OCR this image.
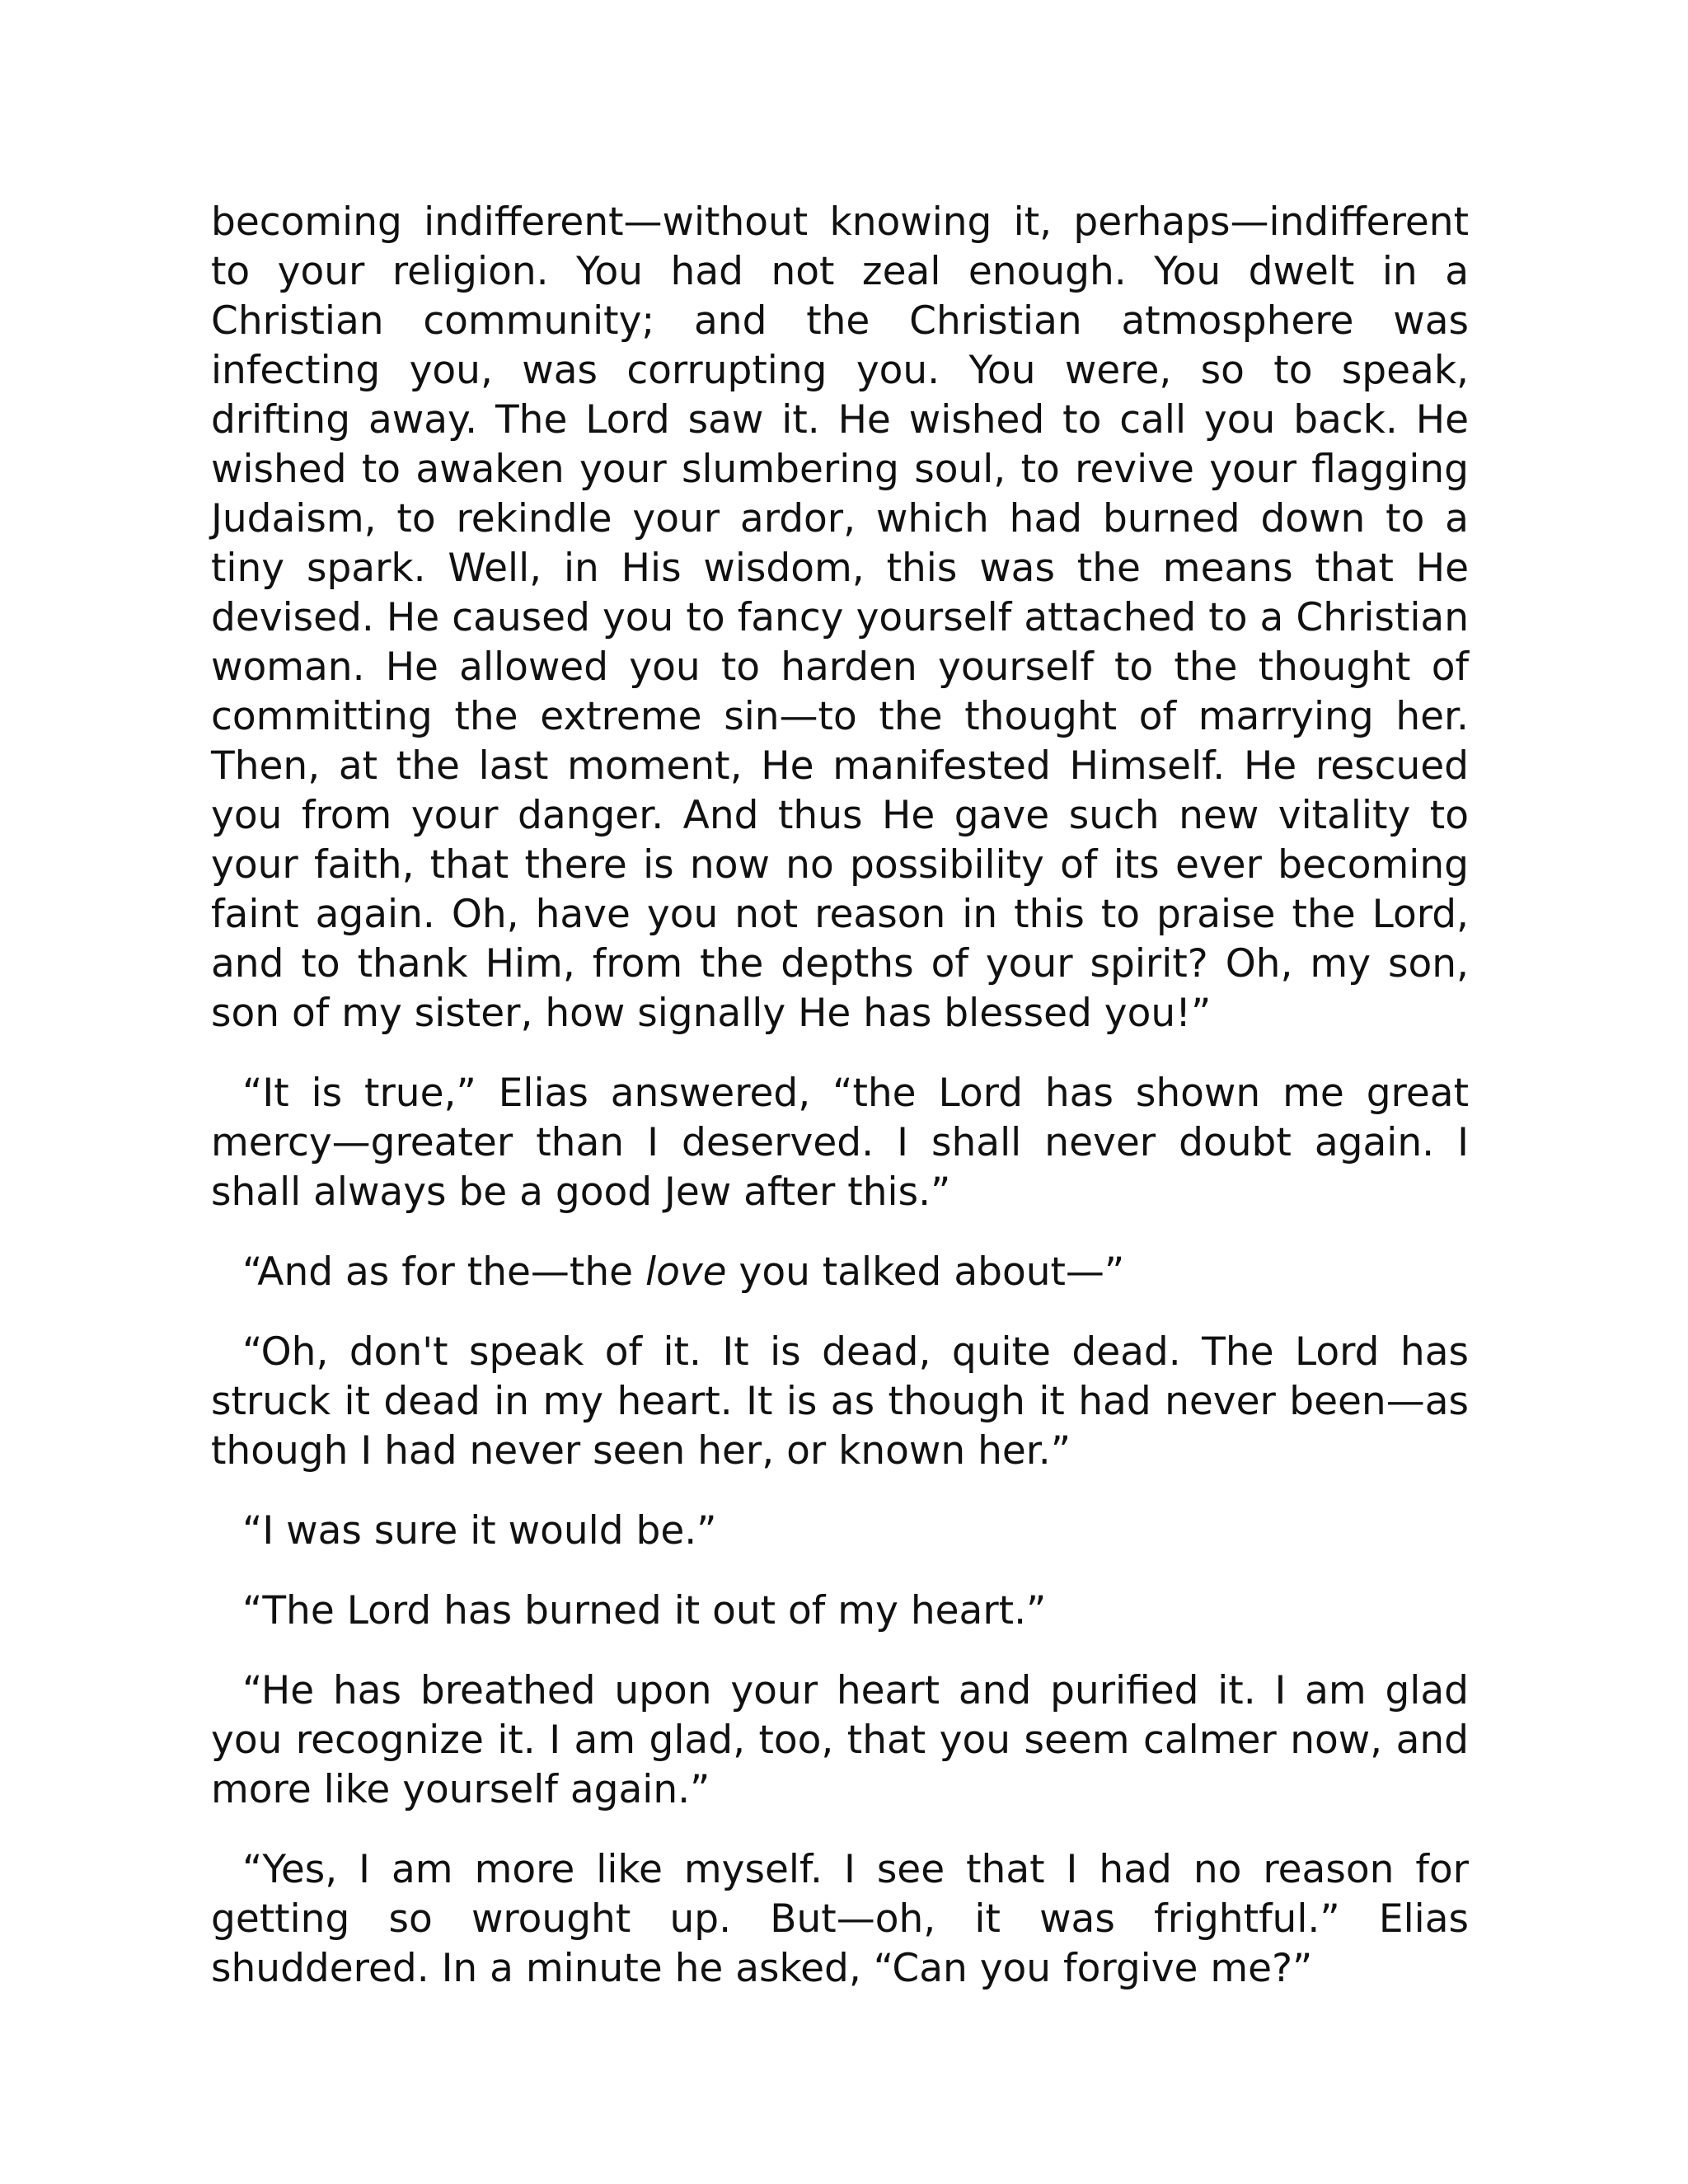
becoming indifferent—without knowing it, perhaps—indifferent to your religion. You had not zeal enough. You dwelt in a Christian community; and the Christian atmosphere was infecting you, was corrupting you. You were, so to speak, drifting away. The Lord saw it. He wished to call you back. He wished to awaken your slumbering soul, to revive your flagging Judaism, to rekindle your ardor, which had burned down to a tiny spark. Well, in His wisdom, this was the means that He devised. He caused you to fancy yourself attached to a Christian woman. He allowed you to harden yourself to the thought of committing the extreme sin—to the thought of marrying her. Then, at the last moment, He manifested Himself. He rescued you from your danger. And thus He gave such new vitality to your faith, that there is now no possibility of its ever becoming faint again. Oh, have you not reason in this to praise the Lord, and to thank Him, from the depths of your spirit? Oh, my son, son of my sister, how signally He has blessed you!”

“It is true,” Elias answered, “the Lord has shown me great mercy—greater than I deserved. I shall never doubt again. I shall always be a good Jew after this.”

“And as for the—the love you talked about—”

“Oh, don't speak of it. It is dead, quite dead. The Lord has struck it dead in my heart. It is as though it had never been—as though I had never seen her, or known her.”

“I was sure it would be.”

“The Lord has burned it out of my heart.”

“He has breathed upon your heart and purified it. I am glad you recognize it. I am glad, too, that you seem calmer now, and more like yourself again.”

“Yes, I am more like myself. I see that I had no reason for getting so wrought up. But—oh, it was frightful.” Elias shuddered. In a minute he asked, “Can you forgive me?”
